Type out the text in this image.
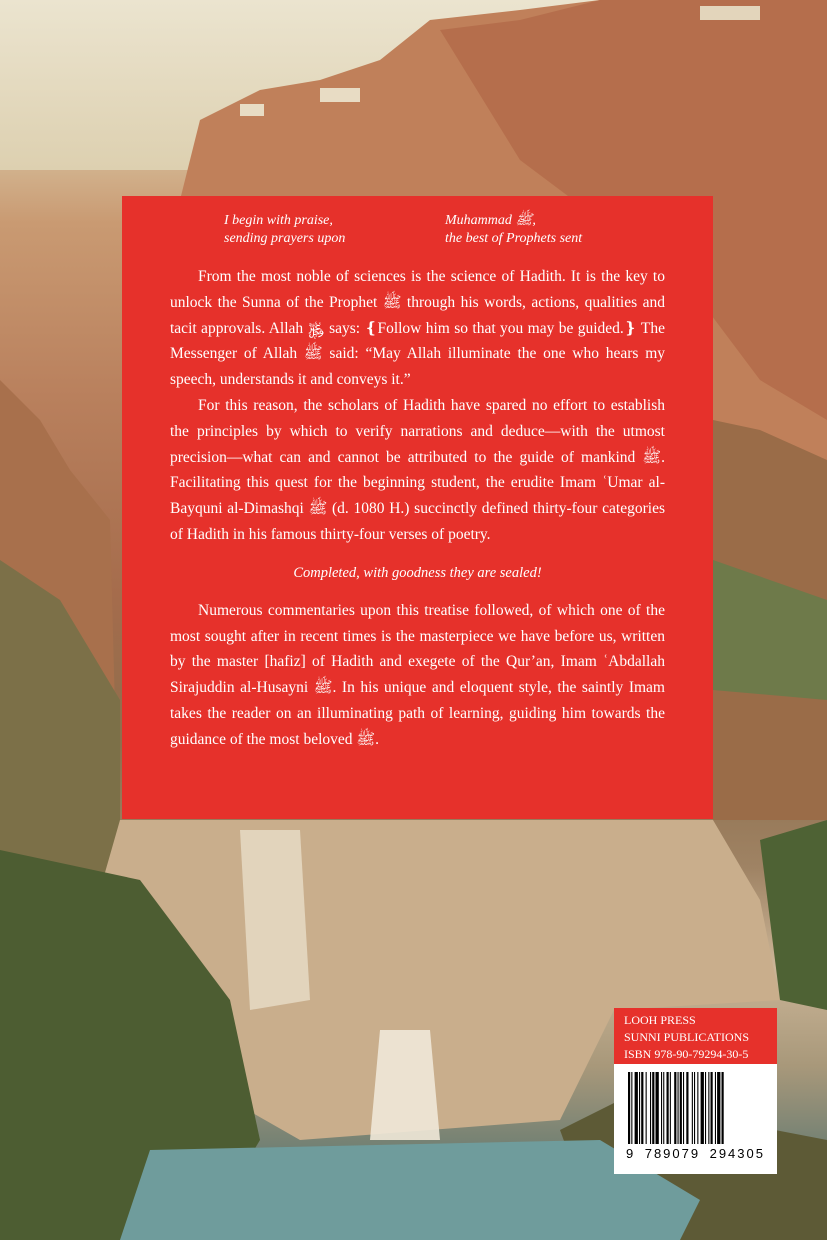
I begin with praise,
sending prayers upon
Muhammad ﷺ,
the best of Prophets sent

From the most noble of sciences is the science of Hadith. It is the key to unlock the Sunna of the Prophet ﷺ through his words, actions, qualities and tacit approvals. Allah ﷿ says: ❴Follow him so that you may be guided.❵ The Messenger of Allah ﷺ said: “May Allah illuminate the one who hears my speech, understands it and conveys it.”

For this reason, the scholars of Hadith have spared no effort to establish the principles by which to verify narrations and deduce—with the utmost precision—what can and cannot be attributed to the guide of mankind ﷺ. Facilitating this quest for the beginning student, the erudite Imam ʿUmar al-Bayquni al-Dimashqi ﷺ (d. 1080 H.) succinctly defined thirty-four categories of Hadith in his famous thirty-four verses of poetry.

Completed, with goodness they are sealed!

Numerous commentaries upon this treatise followed, of which one of the most sought after in recent times is the masterpiece we have before us, written by the master [hafiz] of Hadith and exegete of the Qur’an, Imam ʿAbdallah Sirajuddin al-Husayni ﷺ. In his unique and eloquent style, the saintly Imam takes the reader on an illuminating path of learning, guiding him towards the guidance of the most beloved ﷺ.

LOOH PRESS
SUNNI PUBLICATIONS
ISBN 978-90-79294-30-5
9 789079 294305
